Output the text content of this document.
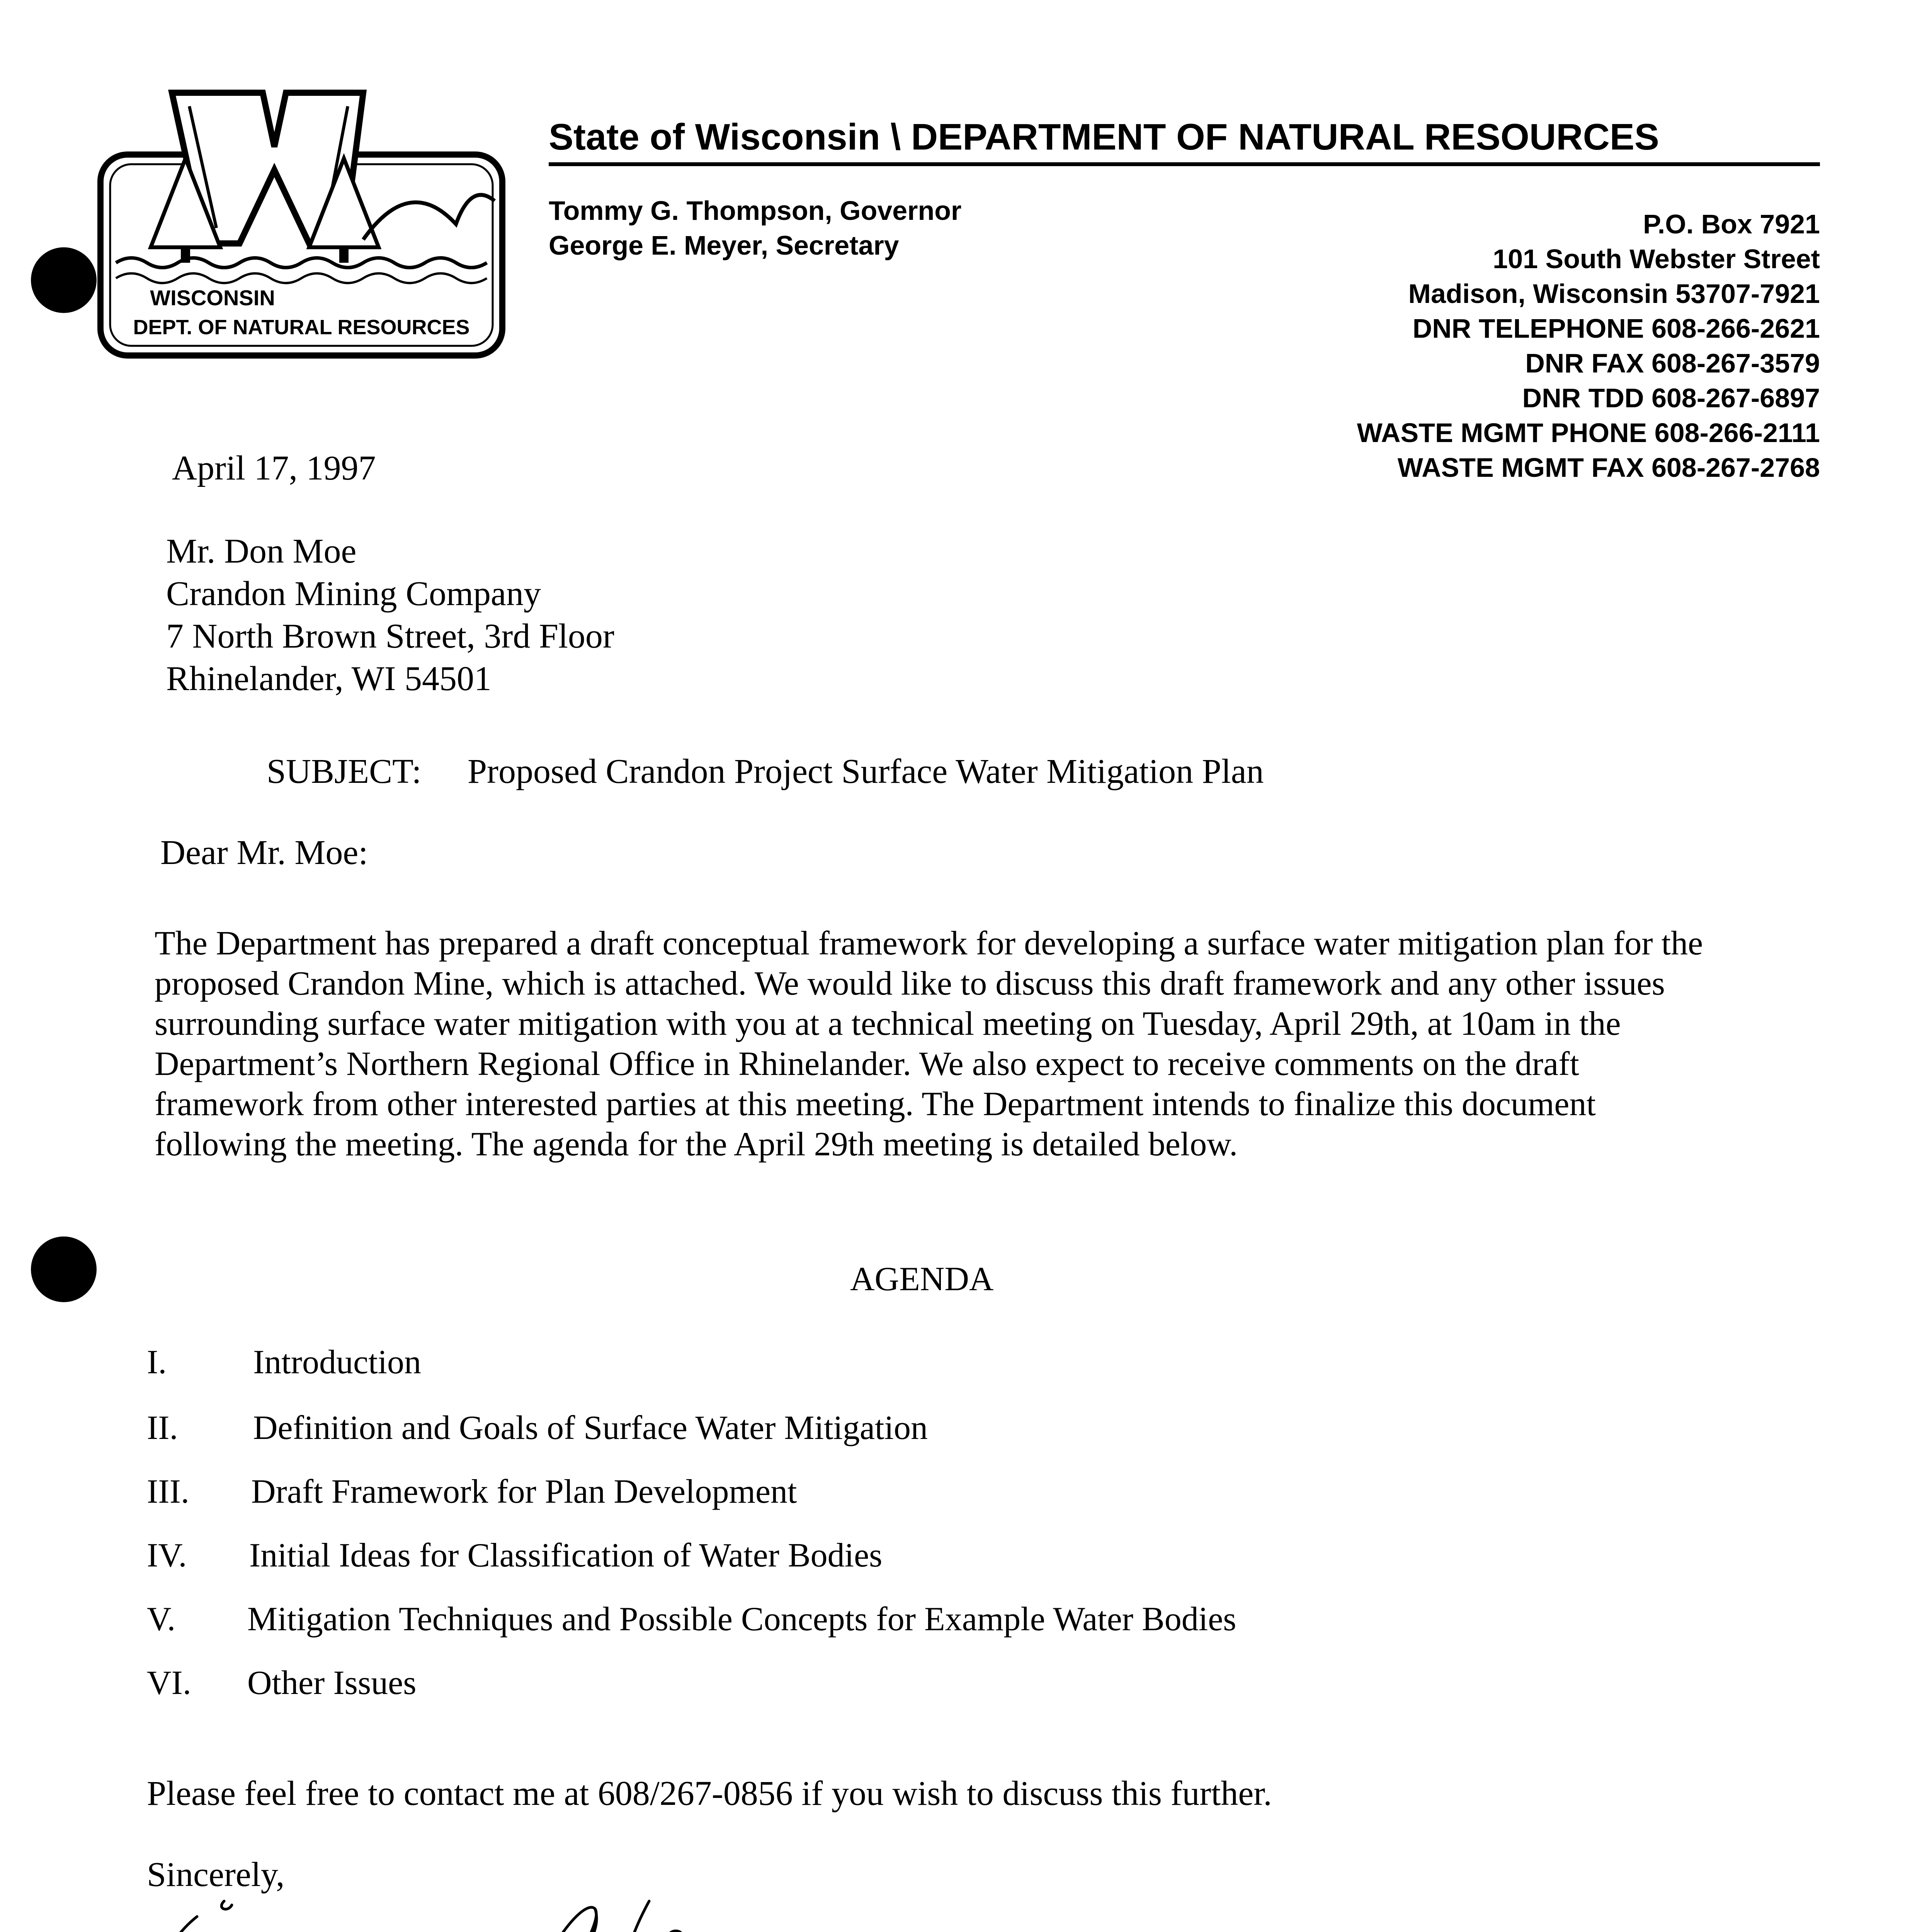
WISCONSIN
DEPT. OF NATURAL RESOURCES
State of Wisconsin \ DEPARTMENT OF NATURAL RESOURCES
Tommy G. Thompson, Governor
George E. Meyer, Secretary
P.O. Box 7921
101 South Webster Street
Madison, Wisconsin 53707-7921
DNR TELEPHONE 608-266-2621
DNR FAX 608-267-3579
DNR TDD 608-267-6897
WASTE MGMT PHONE 608-266-2111
WASTE MGMT FAX 608-267-2768
April 17, 1997
Mr. Don Moe
Crandon Mining Company
7 North Brown Street, 3rd Floor
Rhinelander, WI 54501
SUBJECT: Proposed Crandon Project Surface Water Mitigation Plan
Dear Mr. Moe:
The Department has prepared a draft conceptual framework for developing a surface water mitigation plan for the proposed Crandon Mine, which is attached. We would like to discuss this draft framework and any other issues surrounding surface water mitigation with you at a technical meeting on Tuesday, April 29th, at 10am in the Department’s Northern Regional Office in Rhinelander. We also expect to receive comments on the draft framework from other interested parties at this meeting. The Department intends to finalize this document following the meeting. The agenda for the April 29th meeting is detailed below.
AGENDA
I.	Introduction
II. Definition and Goals of Surface Water Mitigation
III. Draft Framework for Plan Development
IV. Initial Ideas for Classification of Water Bodies
V. Mitigation Techniques and Possible Concepts for Example Water Bodies
VI. Other Issues
Please feel free to contact me at 608/267-0856 if you wish to discuss this further.
Sincerely,
